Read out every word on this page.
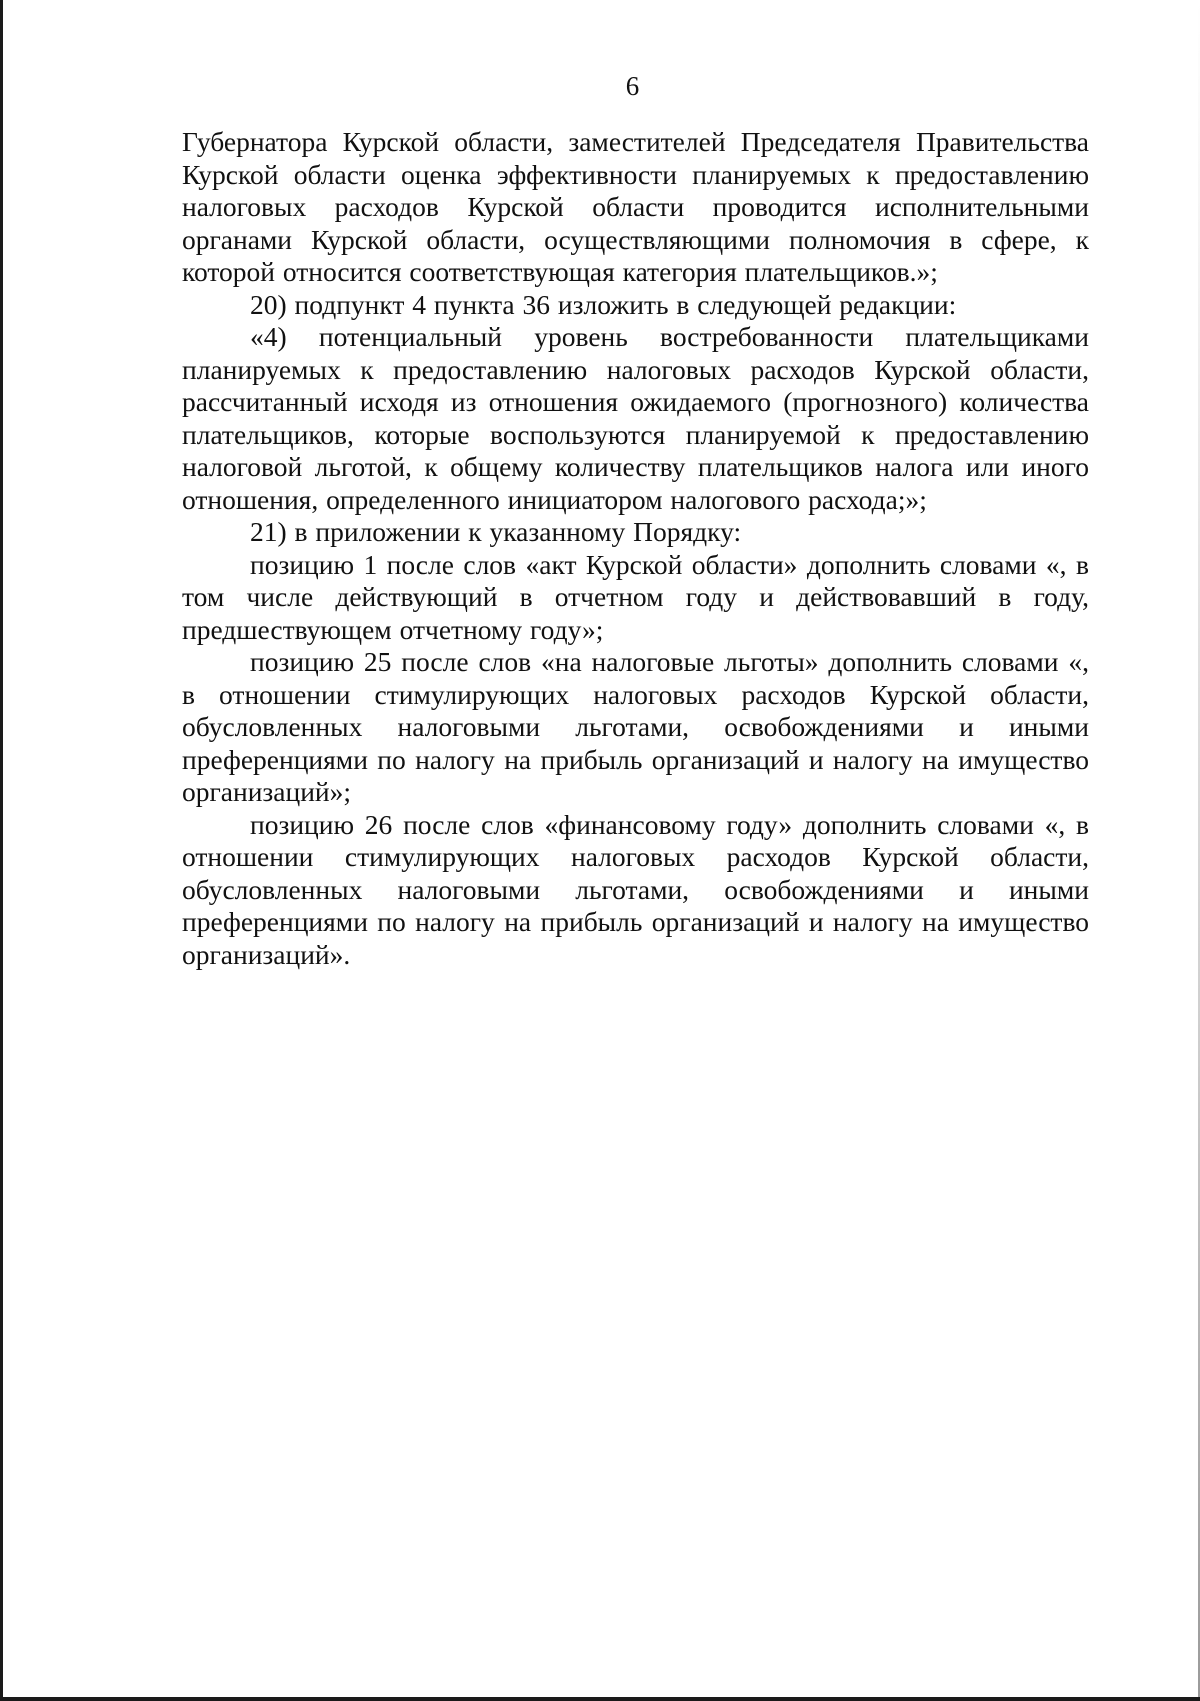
6

Губернатора Курской области, заместителей Председателя Правительства Курской области оценка эффективности планируемых к предоставлению налоговых расходов Курской области проводится исполнительными органами Курской области, осуществляющими полномочия в сфере, к которой относится соответствующая категория плательщиков.»;

20) подпункт 4 пункта 36 изложить в следующей редакции:

«4) потенциальный уровень востребованности плательщиками планируемых к предоставлению налоговых расходов Курской области, рассчитанный исходя из отношения ожидаемого (прогнозного) количества плательщиков, которые воспользуются планируемой к предоставлению налоговой льготой, к общему количеству плательщиков налога или иного отношения, определенного инициатором налогового расхода;»;

21) в приложении к указанному Порядку:

позицию 1 после слов «акт Курской области» дополнить словами «, в том числе действующий в отчетном году и действовавший в году, предшествующем отчетному году»;

позицию 25 после слов «на налоговые льготы» дополнить словами «, в отношении стимулирующих налоговых расходов Курской области, обусловленных налоговыми льготами, освобождениями и иными преференциями по налогу на прибыль организаций и налогу на имущество организаций»;

позицию 26 после слов «финансовому году» дополнить словами «, в отношении стимулирующих налоговых расходов Курской области, обусловленных налоговыми льготами, освобождениями и иными преференциями по налогу на прибыль организаций и налогу на имущество организаций».
